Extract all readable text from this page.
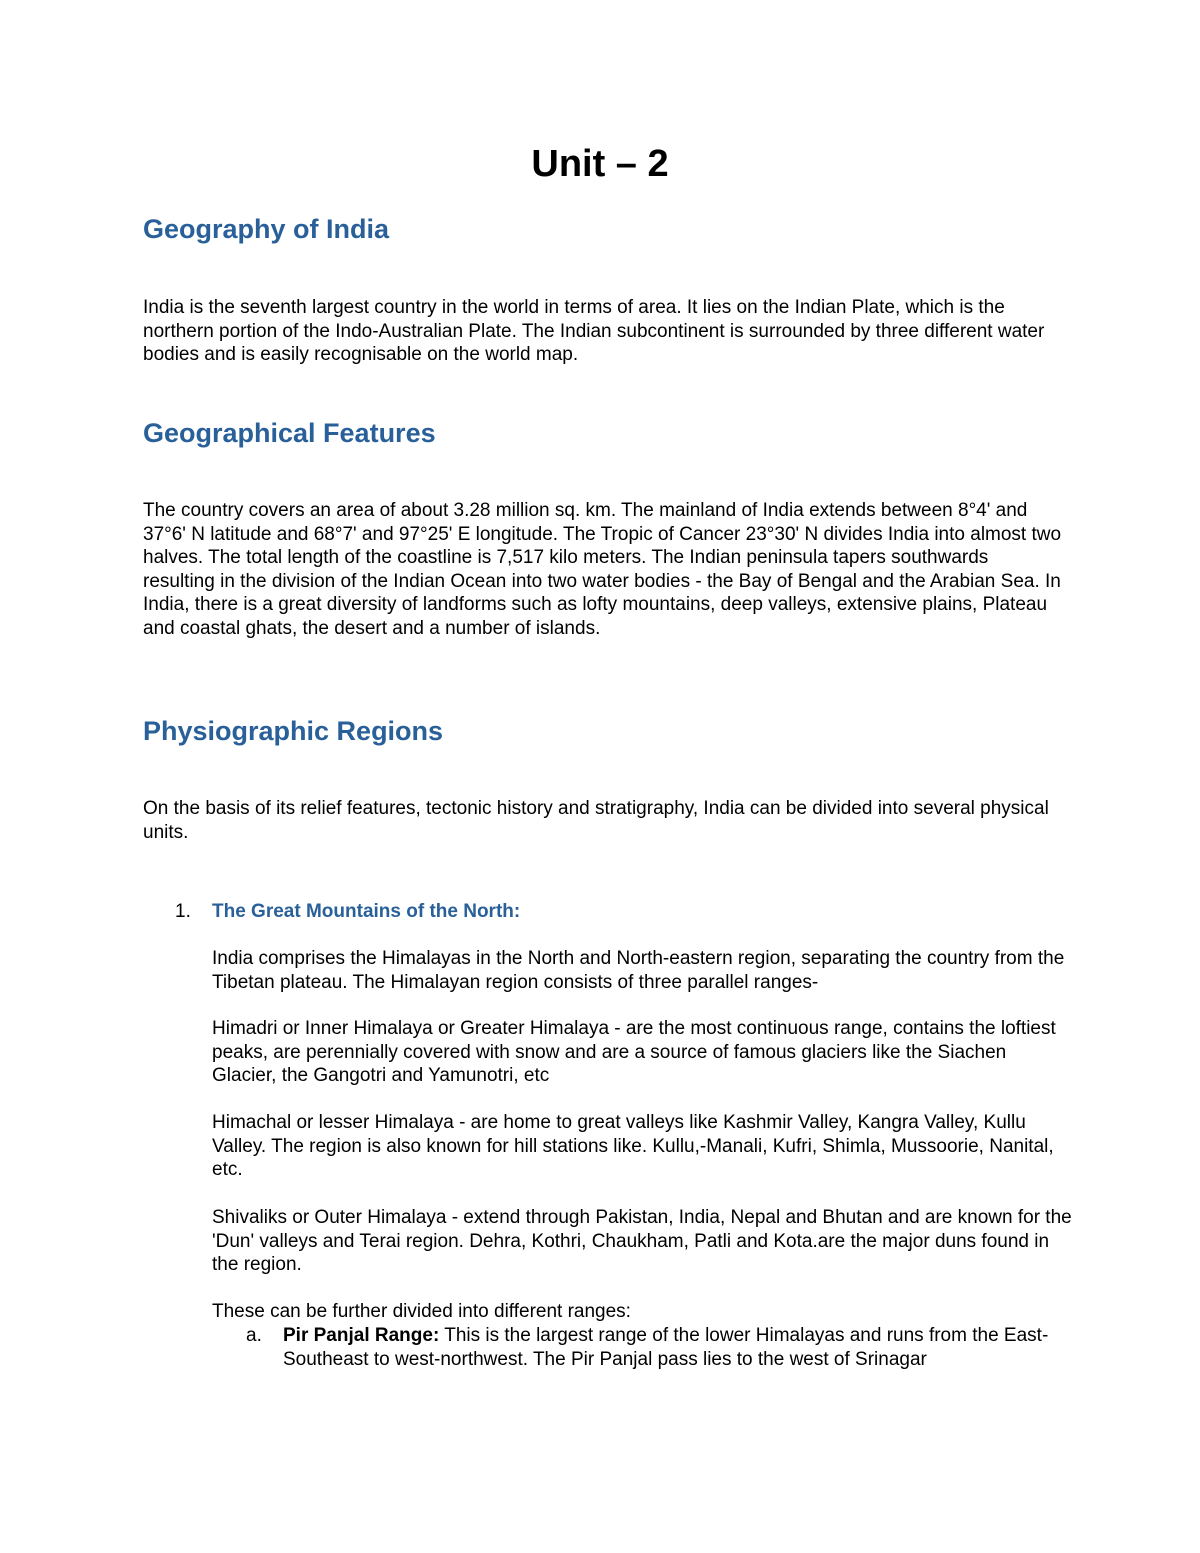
Unit – 2
Geography of India

India is the seventh largest country in the world in terms of area. It lies on the Indian Plate, which is the northern portion of the Indo-Australian Plate. The Indian subcontinent is surrounded by three different water bodies and is easily recognisable on the world map.

Geographical Features

The country covers an area of about 3.28 million sq. km. The mainland of India extends between 8°4' and 37°6' N latitude and 68°7' and 97°25' E longitude. The Tropic of Cancer 23°30' N divides India into almost two halves. The total length of the coastline is 7,517 kilo meters. The Indian peninsula tapers southwards resulting in the division of the Indian Ocean into two water bodies - the Bay of Bengal and the Arabian Sea. In India, there is a great diversity of landforms such as lofty mountains, deep valleys, extensive plains, Plateau and coastal ghats, the desert and a number of islands.

Physiographic Regions

On the basis of its relief features, tectonic history and stratigraphy, India can be divided into several physical units.

1. The Great Mountains of the North:

India comprises the Himalayas in the North and North-eastern region, separating the country from the Tibetan plateau. The Himalayan region consists of three parallel ranges-

Himadri or Inner Himalaya or Greater Himalaya - are the most continuous range, contains the loftiest peaks, are perennially covered with snow and are a source of famous glaciers like the Siachen Glacier, the Gangotri and Yamunotri, etc

Himachal or lesser Himalaya - are home to great valleys like Kashmir Valley, Kangra Valley, Kullu Valley. The region is also known for hill stations like. Kullu,-Manali, Kufri, Shimla, Mussoorie, Nanital, etc.

Shivaliks or Outer Himalaya - extend through Pakistan, India, Nepal and Bhutan and are known for the 'Dun' valleys and Terai region. Dehra, Kothri, Chaukham, Patli and Kota.are the major duns found in the region.

These can be further divided into different ranges:

a. Pir Panjal Range: This is the largest range of the lower Himalayas and runs from the East-Southeast to west-northwest. The Pir Panjal pass lies to the west of Srinagar
